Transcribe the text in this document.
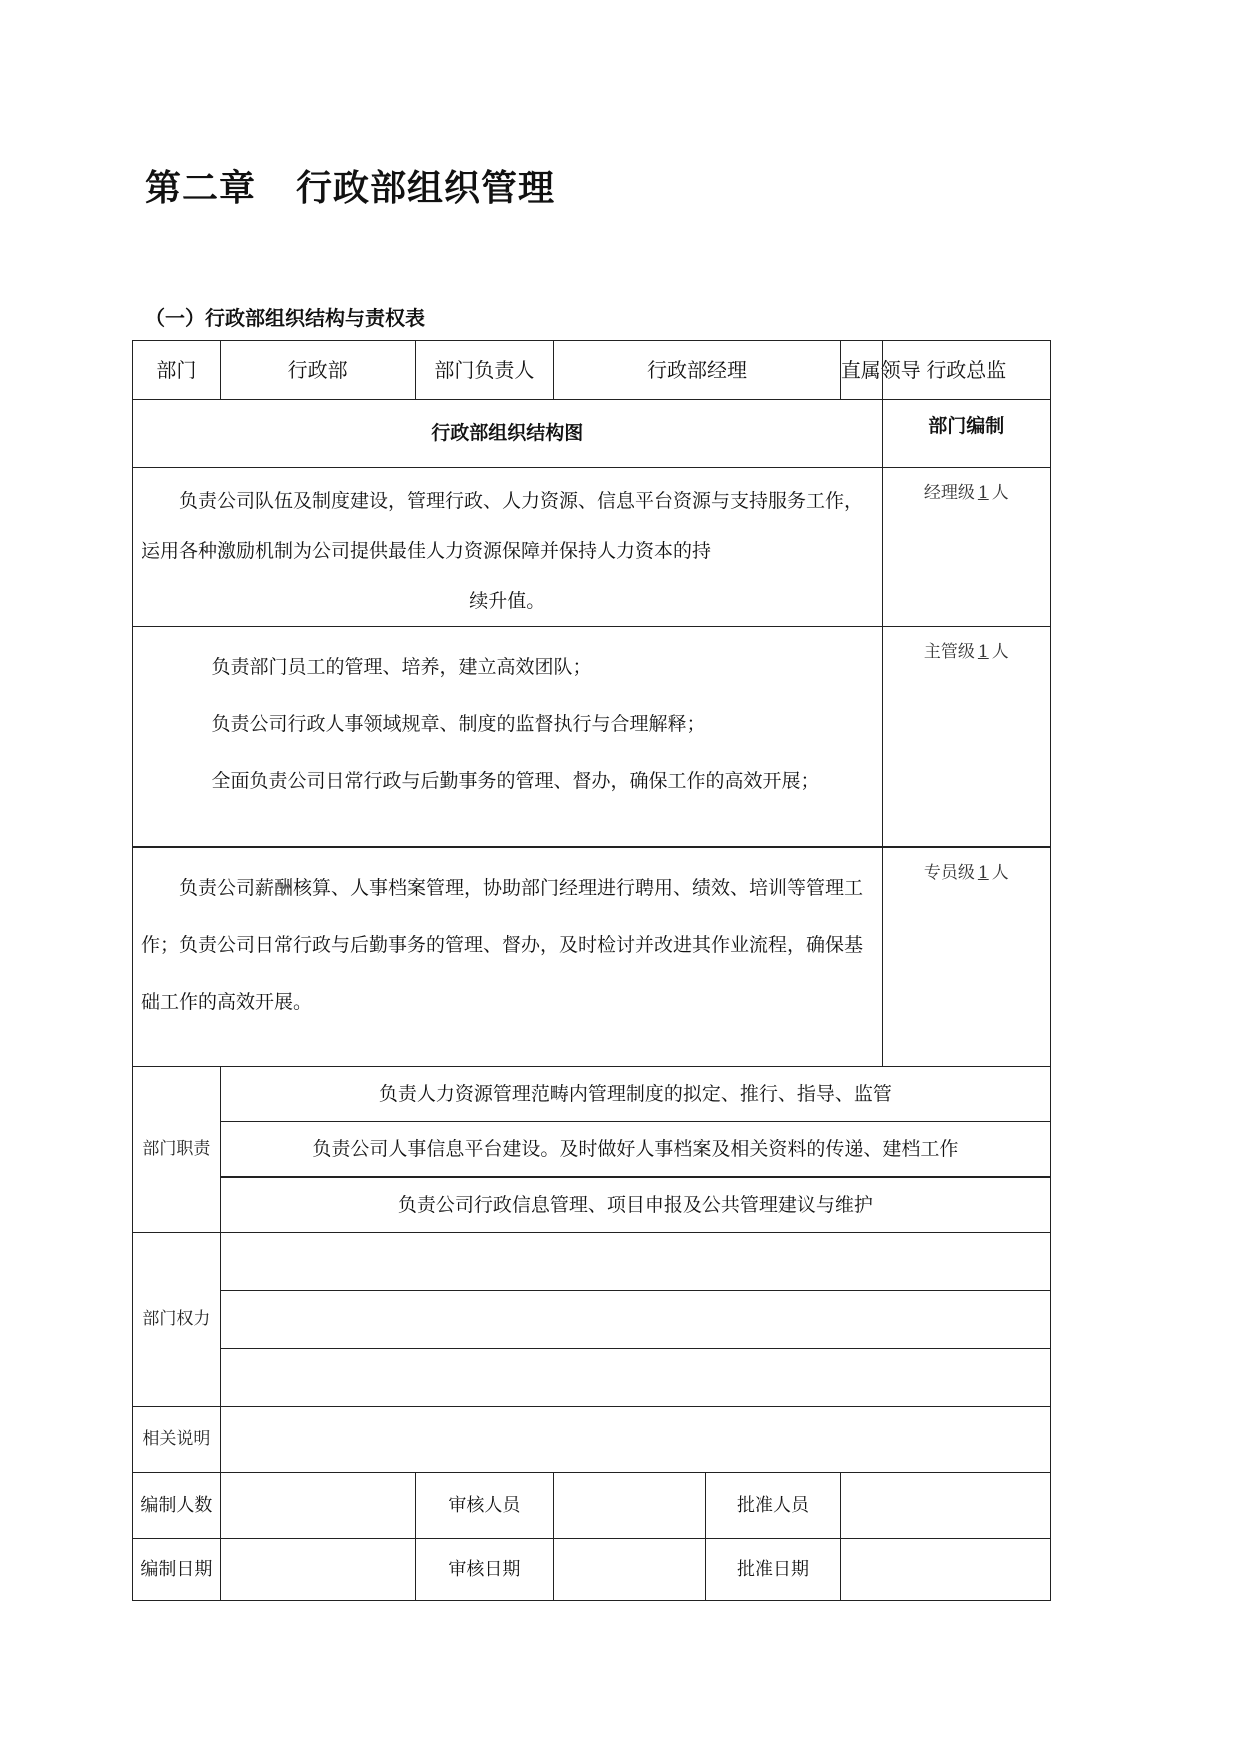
第二章 行政部组织管理
（一）行政部组织结构与责权表
部门	行政部	部门负责人	行政部经理		直属领导	行政总监
行政部组织结构图						部门编制
负责公司队伍及制度建设，管理行政、人力资源、信息平台资源与支持服务工作，运用各种激励机制为公司提供最佳人力资源保障并保持人力资本的持
续升值。						经理级 1 人

负责部门员工的管理、培养，建立高效团队；

负责公司行政人事领域规章、制度的监督执行与合理解释；

全面负责公司日常行政与后勤事务的管理、督办，确保工作的高效开展；						主管级 1 人
负责公司薪酬核算、人事档案管理，协助部门经理进行聘用、绩效、培训等管理工作；负责公司日常行政与后勤事务的管理、督办，及时检讨并改进其作业流程，确保基础工作的高效开展。						专员级 1 人
部门职责	负责人力资源管理范畴内管理制度的拟定、推行、指导、监管					
	负责公司人事信息平台建设。及时做好人事档案及相关资料的传递、建档工作					
	负责公司行政信息管理、项目申报及公共管理建议与维护					
部门权力						

相关说明						
编制人数		审核人员		批准人员		
编制日期		审核日期		批准日期		
